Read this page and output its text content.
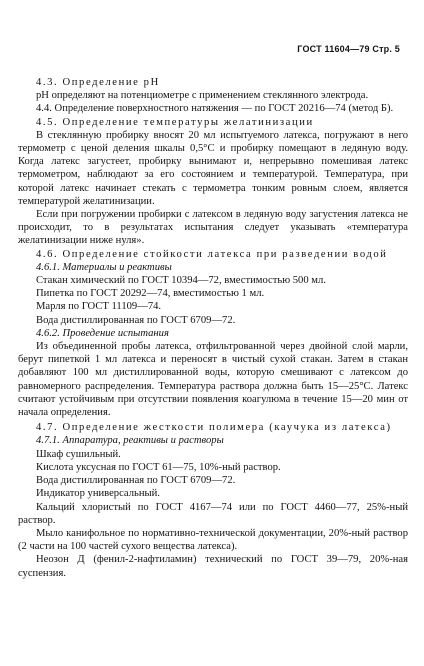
ГОСТ 11604—79 Стр. 5

4.3. Определение рН

рН определяют на потенциометре с применением стеклянного электрода.

4.4. Определение поверхностного натяжения — по ГОСТ 20216—74 (метод Б).

4.5. Определение температуры желатинизации

В стеклянную пробирку вносят 20 мл испытуемого латекса, погружают в него термометр с ценой деления шкалы 0,5°С и пробирку помещают в ледяную воду. Когда латекс загустеет, пробирку вынимают и, непрерывно помешивая латекс термометром, наблюдают за его состоянием и температурой. Температура, при которой латекс начинает стекать с термометра тонким ровным слоем, является температурой желатинизации.

Если при погружении пробирки с латексом в ледяную воду загустения латекса не происходит, то в результатах испытания следует указывать «температура желатинизации ниже нуля».

4.6. Определение стойкости латекса при разведении водой

4.6.1. Материалы и реактивы

Стакан химический по ГОСТ 10394—72, вместимостью 500 мл.

Пипетка по ГОСТ 20292—74, вместимостью 1 мл.

Марля по ГОСТ 11109—74.

Вода дистиллированная по ГОСТ 6709—72.

4.6.2. Проведение испытания

Из объединенной пробы латекса, отфильтрованной через двойной слой марли, берут пипеткой 1 мл латекса и переносят в чистый сухой стакан. Затем в стакан добавляют 100 мл дистиллированной воды, которую смешивают с латексом до равномерного распределения. Температура раствора должна быть 15—25°С. Латекс считают устойчивым при отсутствии появления коагулюма в течение 15—20 мин от начала определения.

4.7. Определение жесткости полимера (каучука из латекса)

4.7.1. Аппаратура, реактивы и растворы

Шкаф сушильный.

Кислота уксусная по ГОСТ 61—75, 10%-ный раствор.

Вода дистиллированная по ГОСТ 6709—72.

Индикатор универсальный.

Кальций хлористый по ГОСТ 4167—74 или по ГОСТ 4460—77, 25%-ный раствор.

Мыло канифольное по нормативно-технической документации, 20%-ный раствор (2 части на 100 частей сухого вещества латекса).

Неозон Д (фенил-2-нафтиламин) технический по ГОСТ 39—79, 20%-ная суспензия.
